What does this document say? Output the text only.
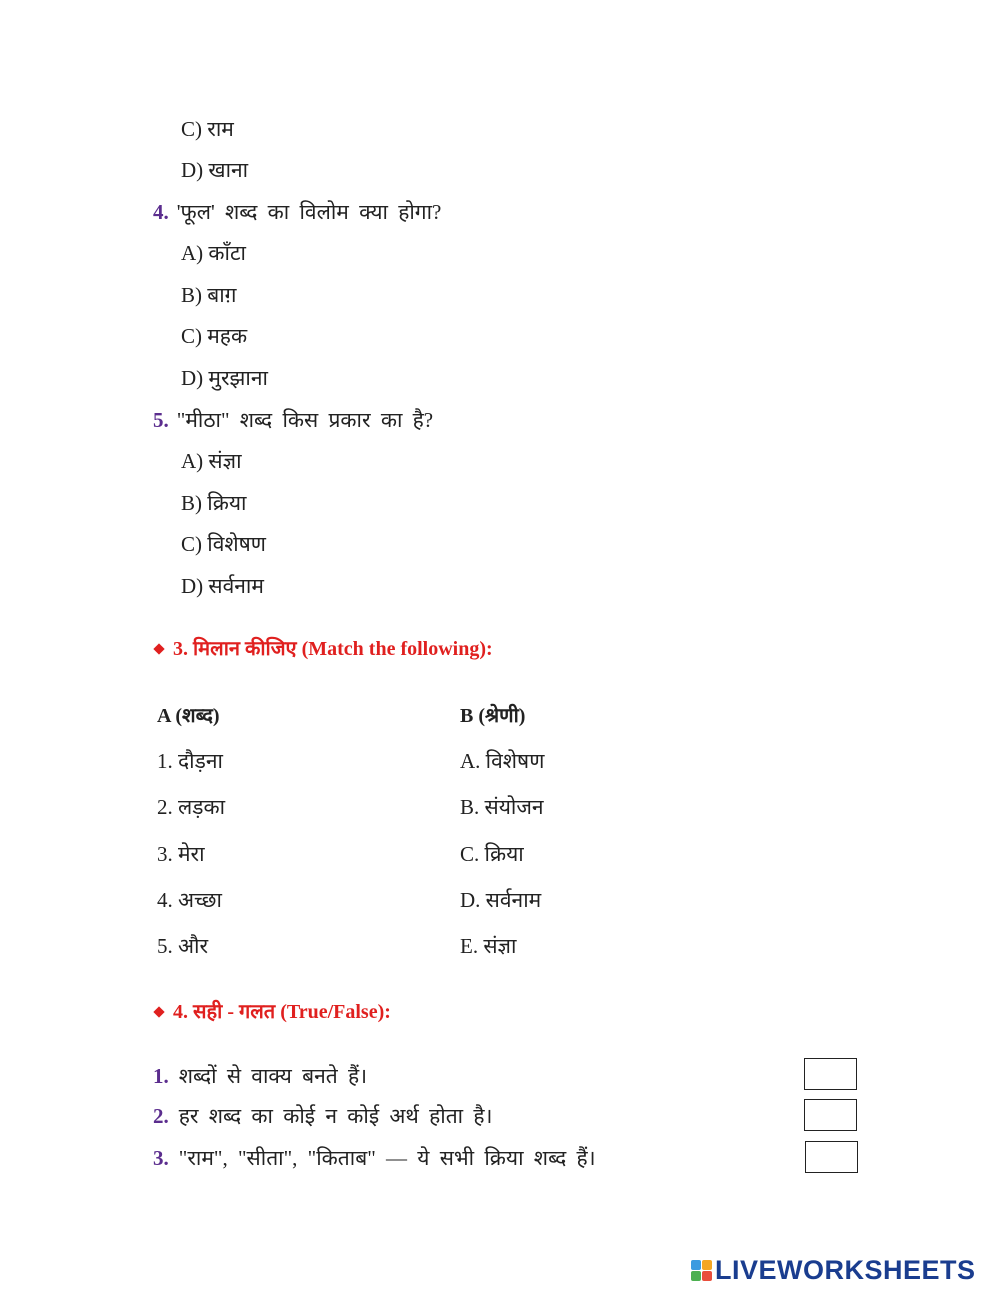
C) राम
D) खाना
4. 'फूल' शब्द का विलोम क्या होगा?
A) काँटा
B) बाग़
C) महक
D) मुरझाना
5. "मीठा" शब्द किस प्रकार का है?
A) संज्ञा
B) क्रिया
C) विशेषण
D) सर्वनाम
3. मिलान कीजिए (Match the following):
A (शब्द)	B (श्रेणी)
1. दौड़ना
2. लड़का
3. मेरा
4. अच्छा
5. और
A. विशेषण
B. संयोजन
C. क्रिया
D. सर्वनाम
E. संज्ञा
4. सही - गलत (True/False):
1. शब्दों से वाक्य बनते हैं।
2. हर शब्द का कोई न कोई अर्थ होता है।
3. "राम", "सीता", "किताब" — ये सभी क्रिया शब्द हैं।
LIVEWORKSHEETS
